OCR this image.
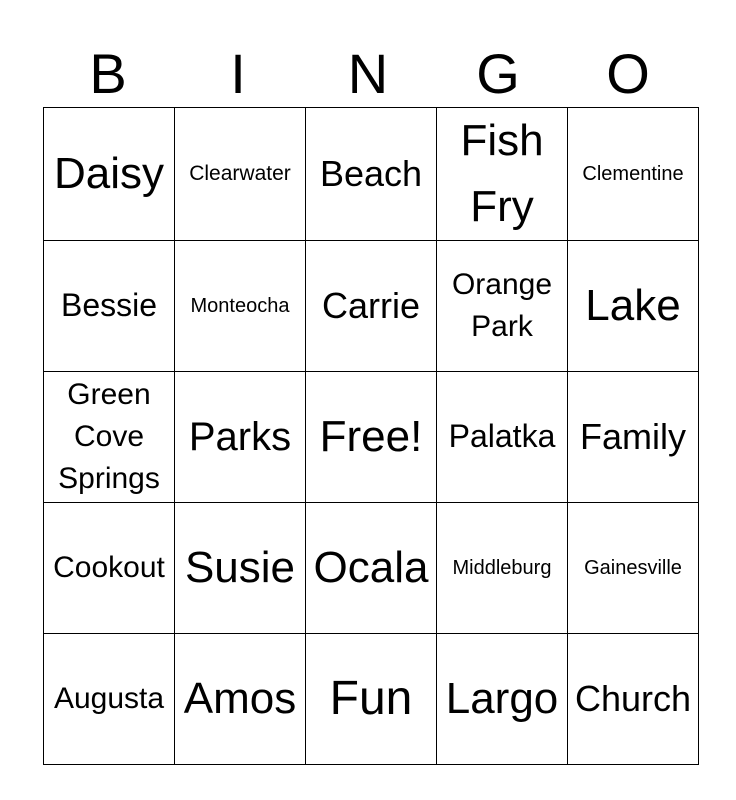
B	I	N	G	O
Daisy	Clearwater	Beach	Fish Fry	Clementine

Bessie	Monteocha	Carrie	Orange Park	Lake

Green Cove Springs	Parks	Free!	Palatka	Family

Cookout	Susie	Ocala	Middleburg	Gainesville

Augusta	Amos	Fun	Largo	Church
